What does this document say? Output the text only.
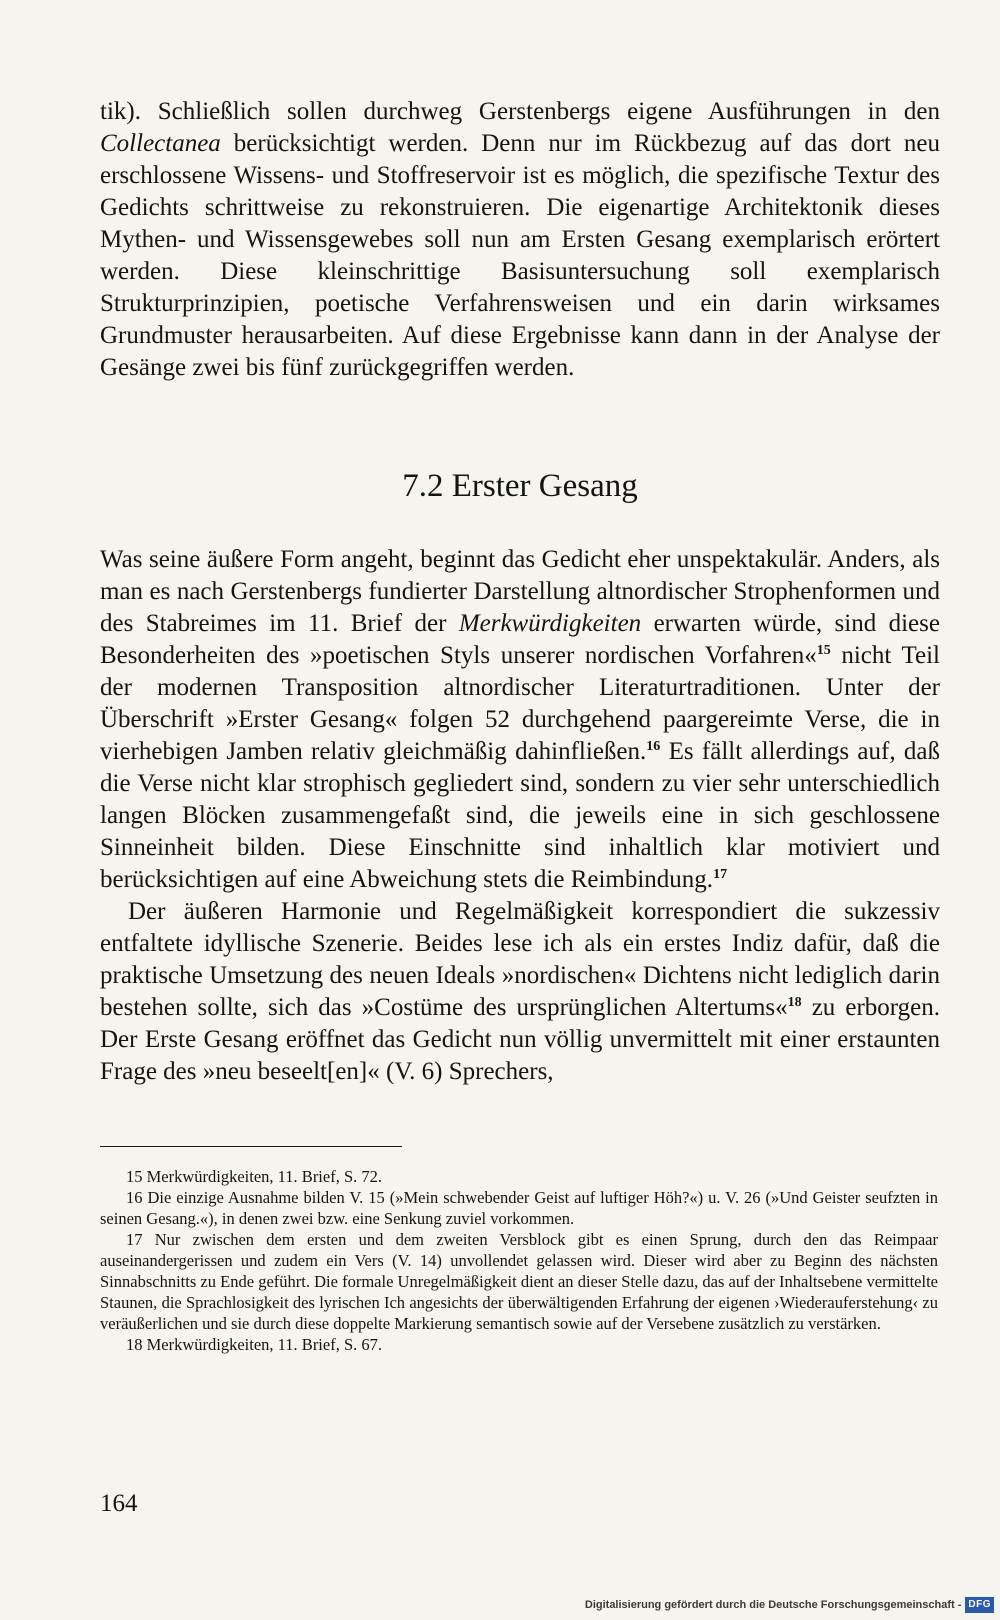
tik). Schließlich sollen durchweg Gerstenbergs eigene Ausführungen in den Collectanea berücksichtigt werden. Denn nur im Rückbezug auf das dort neu erschlossene Wissens- und Stoffreservoir ist es möglich, die spezifische Textur des Gedichts schrittweise zu rekonstruieren. Die eigenartige Architektonik dieses Mythen- und Wissensgewebes soll nun am Ersten Gesang exemplarisch erörtert werden. Diese kleinschrittige Basisuntersuchung soll exemplarisch Strukturprinzipien, poetische Verfahrensweisen und ein darin wirksames Grundmuster herausarbeiten. Auf diese Ergebnisse kann dann in der Analyse der Gesänge zwei bis fünf zurückgegriffen werden.

7.2 Erster Gesang

Was seine äußere Form angeht, beginnt das Gedicht eher unspektakulär. Anders, als man es nach Gerstenbergs fundierter Darstellung altnordischer Strophenformen und des Stabreimes im 11. Brief der Merkwürdigkeiten erwarten würde, sind diese Besonderheiten des »poetischen Styls unserer nordischen Vorfahren«$^{15}$ nicht Teil der modernen Transposition altnordischer Literaturtraditionen. Unter der Überschrift »Erster Gesang« folgen 52 durchgehend paargereimte Verse, die in vierhebigen Jamben relativ gleichmäßig dahinfließen.$^{16}$ Es fällt allerdings auf, daß die Verse nicht klar strophisch gegliedert sind, sondern zu vier sehr unterschiedlich langen Blöcken zusammengefaßt sind, die jeweils eine in sich geschlossene Sinneinheit bilden. Diese Einschnitte sind inhaltlich klar motiviert und berücksichtigen auf eine Abweichung stets die Reimbindung.$^{17}$

Der äußeren Harmonie und Regelmäßigkeit korrespondiert die sukzessiv entfaltete idyllische Szenerie. Beides lese ich als ein erstes Indiz dafür, daß die praktische Umsetzung des neuen Ideals »nordischen« Dichtens nicht lediglich darin bestehen sollte, sich das »Costüme des ursprünglichen Altertums«$^{18}$ zu erborgen. Der Erste Gesang eröffnet das Gedicht nun völlig unvermittelt mit einer erstaunten Frage des »neu beseelt[en]« (V. 6) Sprechers,

15 Merkwürdigkeiten, 11. Brief, S. 72.

16 Die einzige Ausnahme bilden V. 15 (»Mein schwebender Geist auf luftiger Höh?«) u. V. 26 (»Und Geister seufzten in seinen Gesang.«), in denen zwei bzw. eine Senkung zuviel vorkommen.

17 Nur zwischen dem ersten und dem zweiten Versblock gibt es einen Sprung, durch den das Reimpaar auseinandergerissen und zudem ein Vers (V. 14) unvollendet gelassen wird. Dieser wird aber zu Beginn des nächsten Sinnabschnitts zu Ende geführt. Die formale Unregelmäßigkeit dient an dieser Stelle dazu, das auf der Inhaltsebene vermittelte Staunen, die Sprachlosigkeit des lyrischen Ich angesichts der überwältigenden Erfahrung der eigenen ›Wiederauferstehung‹ zu veräußerlichen und sie durch diese doppelte Markierung semantisch sowie auf der Versebene zusätzlich zu verstärken.

18 Merkwürdigkeiten, 11. Brief, S. 67.

164
Digitalisierung gefördert durch die Deutsche Forschungsgemeinschaft - DFG
